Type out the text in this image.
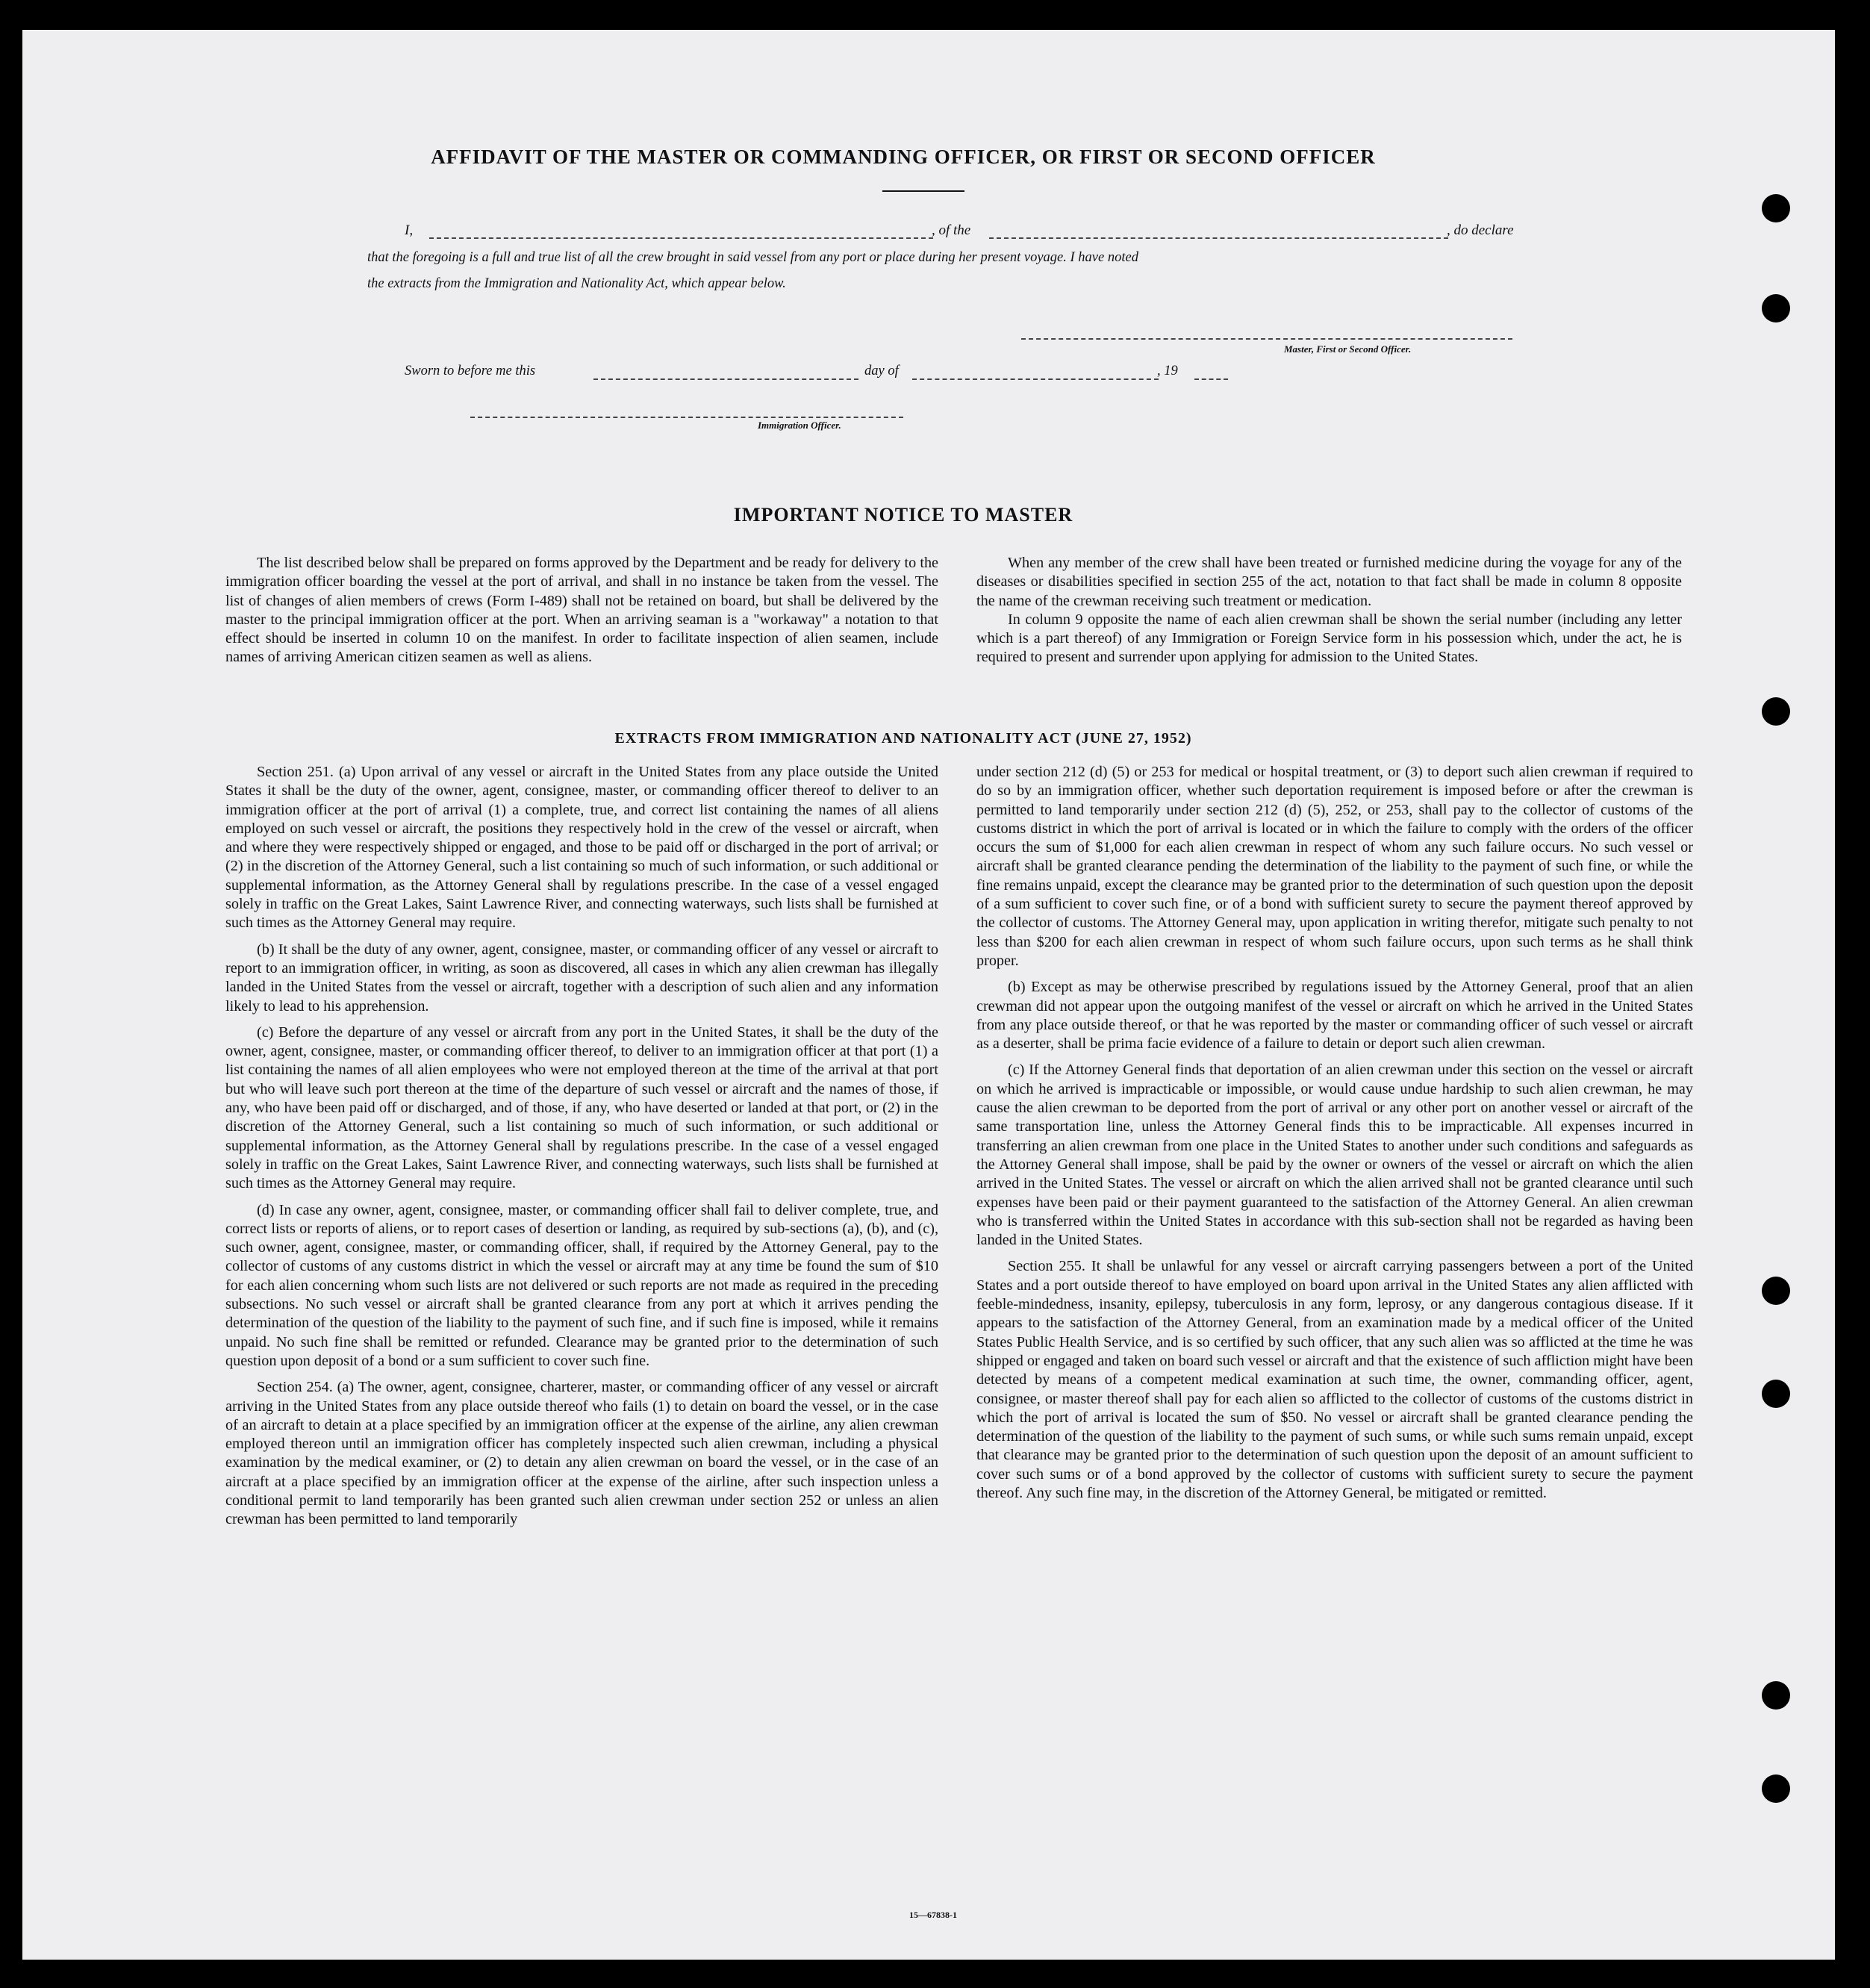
AFFIDAVIT OF THE MASTER OR COMMANDING OFFICER, OR FIRST OR SECOND OFFICER
I,	, of the	, do declare
that the foregoing is a full and true list of all the crew brought in said vessel from any port or place during her present voyage. I have noted
the extracts from the Immigration and Nationality Act, which appear below.
Master, First or Second Officer.
Sworn to before me this	day of	, 19
Immigration Officer.
IMPORTANT NOTICE TO MASTER

The list described below shall be prepared on forms approved by the Department and be ready for delivery to the immigration officer boarding the vessel at the port of arrival, and shall in no instance be taken from the vessel. The list of changes of alien members of crews (Form I-489) shall not be retained on board, but shall be delivered by the master to the principal immigration officer at the port. When an arriving seaman is a "workaway" a notation to that effect should be inserted in column 10 on the manifest. In order to facilitate inspection of alien seamen, include names of arriving American citizen seamen as well as aliens.

When any member of the crew shall have been treated or furnished medicine during the voyage for any of the diseases or disabilities specified in section 255 of the act, notation to that fact shall be made in column 8 opposite the name of the crewman receiving such treatment or medication.

In column 9 opposite the name of each alien crewman shall be shown the serial number (including any letter which is a part thereof) of any Immigration or Foreign Service form in his possession which, under the act, he is required to present and surrender upon applying for admission to the United States.

EXTRACTS FROM IMMIGRATION AND NATIONALITY ACT (JUNE 27, 1952)

Section 251. (a) Upon arrival of any vessel or aircraft in the United States from any place outside the United States it shall be the duty of the owner, agent, consignee, master, or commanding officer thereof to deliver to an immigration officer at the port of arrival (1) a complete, true, and correct list containing the names of all aliens employed on such vessel or aircraft, the positions they respectively hold in the crew of the vessel or aircraft, when and where they were respectively shipped or engaged, and those to be paid off or discharged in the port of arrival; or (2) in the discretion of the Attorney General, such a list containing so much of such information, or such additional or supplemental information, as the Attorney General shall by regulations prescribe. In the case of a vessel engaged solely in traffic on the Great Lakes, Saint Lawrence River, and connecting waterways, such lists shall be furnished at such times as the Attorney General may require.

(b) It shall be the duty of any owner, agent, consignee, master, or commanding officer of any vessel or aircraft to report to an immigration officer, in writing, as soon as discovered, all cases in which any alien crewman has illegally landed in the United States from the vessel or aircraft, together with a description of such alien and any information likely to lead to his apprehension.

(c) Before the departure of any vessel or aircraft from any port in the United States, it shall be the duty of the owner, agent, consignee, master, or commanding officer thereof, to deliver to an immigration officer at that port (1) a list containing the names of all alien employees who were not employed thereon at the time of the arrival at that port but who will leave such port thereon at the time of the departure of such vessel or aircraft and the names of those, if any, who have been paid off or discharged, and of those, if any, who have deserted or landed at that port, or (2) in the discretion of the Attorney General, such a list containing so much of such information, or such additional or supplemental information, as the Attorney General shall by regulations prescribe. In the case of a vessel engaged solely in traffic on the Great Lakes, Saint Lawrence River, and connecting waterways, such lists shall be furnished at such times as the Attorney General may require.

(d) In case any owner, agent, consignee, master, or commanding officer shall fail to deliver complete, true, and correct lists or reports of aliens, or to report cases of desertion or landing, as required by sub-sections (a), (b), and (c), such owner, agent, consignee, master, or commanding officer, shall, if required by the Attorney General, pay to the collector of customs of any customs district in which the vessel or aircraft may at any time be found the sum of $10 for each alien concerning whom such lists are not delivered or such reports are not made as required in the preceding subsections. No such vessel or aircraft shall be granted clearance from any port at which it arrives pending the determination of the question of the liability to the payment of such fine, and if such fine is imposed, while it remains unpaid. No such fine shall be remitted or refunded. Clearance may be granted prior to the determination of such question upon deposit of a bond or a sum sufficient to cover such fine.

Section 254. (a) The owner, agent, consignee, charterer, master, or commanding officer of any vessel or aircraft arriving in the United States from any place outside thereof who fails (1) to detain on board the vessel, or in the case of an aircraft to detain at a place specified by an immigration officer at the expense of the airline, any alien crewman employed thereon until an immigration officer has completely inspected such alien crewman, including a physical examination by the medical examiner, or (2) to detain any alien crewman on board the vessel, or in the case of an aircraft at a place specified by an immigration officer at the expense of the airline, after such inspection unless a conditional permit to land temporarily has been granted such alien crewman under section 252 or unless an alien crewman has been permitted to land temporarily

under section 212 (d) (5) or 253 for medical or hospital treatment, or (3) to deport such alien crewman if required to do so by an immigration officer, whether such deportation requirement is imposed before or after the crewman is permitted to land temporarily under section 212 (d) (5), 252, or 253, shall pay to the collector of customs of the customs district in which the port of arrival is located or in which the failure to comply with the orders of the officer occurs the sum of $1,000 for each alien crewman in respect of whom any such failure occurs. No such vessel or aircraft shall be granted clearance pending the determination of the liability to the payment of such fine, or while the fine remains unpaid, except the clearance may be granted prior to the determination of such question upon the deposit of a sum sufficient to cover such fine, or of a bond with sufficient surety to secure the payment thereof approved by the collector of customs. The Attorney General may, upon application in writing therefor, mitigate such penalty to not less than $200 for each alien crewman in respect of whom such failure occurs, upon such terms as he shall think proper.

(b) Except as may be otherwise prescribed by regulations issued by the Attorney General, proof that an alien crewman did not appear upon the outgoing manifest of the vessel or aircraft on which he arrived in the United States from any place outside thereof, or that he was reported by the master or commanding officer of such vessel or aircraft as a deserter, shall be prima facie evidence of a failure to detain or deport such alien crewman.

(c) If the Attorney General finds that deportation of an alien crewman under this section on the vessel or aircraft on which he arrived is impracticable or impossible, or would cause undue hardship to such alien crewman, he may cause the alien crewman to be deported from the port of arrival or any other port on another vessel or aircraft of the same transportation line, unless the Attorney General finds this to be impracticable. All expenses incurred in transferring an alien crewman from one place in the United States to another under such conditions and safeguards as the Attorney General shall impose, shall be paid by the owner or owners of the vessel or aircraft on which the alien arrived in the United States. The vessel or aircraft on which the alien arrived shall not be granted clearance until such expenses have been paid or their payment guaranteed to the satisfaction of the Attorney General. An alien crewman who is transferred within the United States in accordance with this sub-section shall not be regarded as having been landed in the United States.

Section 255. It shall be unlawful for any vessel or aircraft carrying passengers between a port of the United States and a port outside thereof to have employed on board upon arrival in the United States any alien afflicted with feeble-mindedness, insanity, epilepsy, tuberculosis in any form, leprosy, or any dangerous contagious disease. If it appears to the satisfaction of the Attorney General, from an examination made by a medical officer of the United States Public Health Service, and is so certified by such officer, that any such alien was so afflicted at the time he was shipped or engaged and taken on board such vessel or aircraft and that the existence of such affliction might have been detected by means of a competent medical examination at such time, the owner, commanding officer, agent, consignee, or master thereof shall pay for each alien so afflicted to the collector of customs of the customs district in which the port of arrival is located the sum of $50. No vessel or aircraft shall be granted clearance pending the determination of the question of the liability to the payment of such sums, or while such sums remain unpaid, except that clearance may be granted prior to the determination of such question upon the deposit of an amount sufficient to cover such sums or of a bond approved by the collector of customs with sufficient surety to secure the payment thereof. Any such fine may, in the discretion of the Attorney General, be mitigated or remitted.

15—67838-1
